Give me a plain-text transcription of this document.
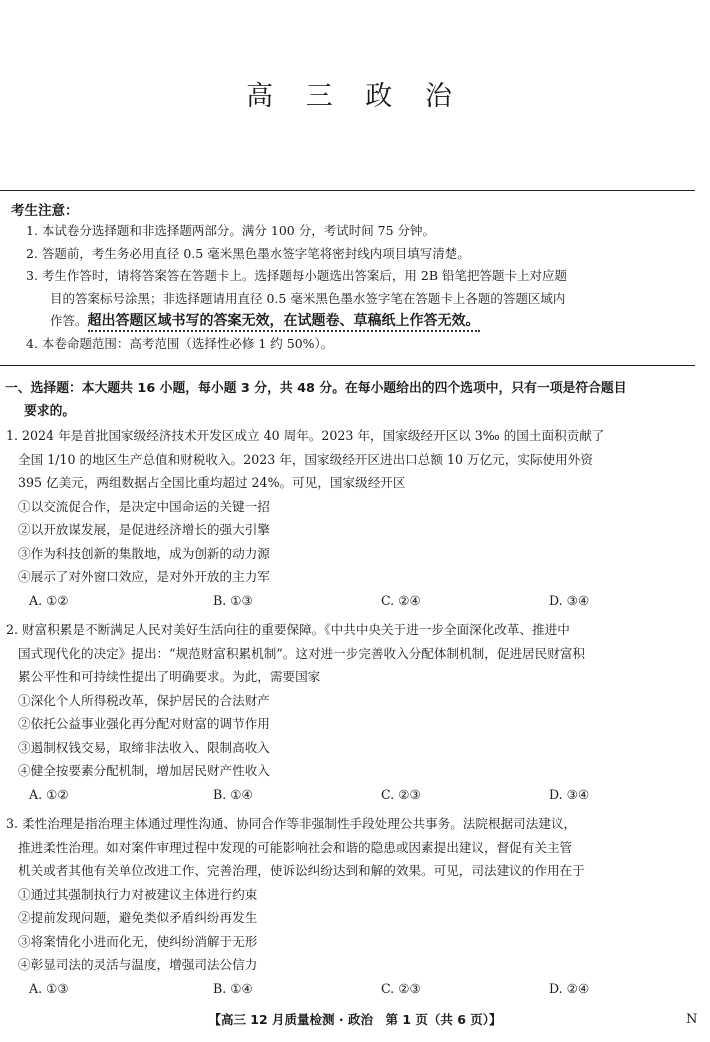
高 三 政 治
考生注意：
1. 本试卷分选择题和非选择题两部分。满分 100 分，考试时间 75 分钟。
2. 答题前，考生务必用直径 0.5 毫米黑色墨水签字笔将密封线内项目填写清楚。
3. 考生作答时，请将答案答在答题卡上。选择题每小题选出答案后，用 2B 铅笔把答题卡上对应题
目的答案标号涂黑；非选择题请用直径 0.5 毫米黑色墨水签字笔在答题卡上各题的答题区域内
作答。超出答题区域书写的答案无效，在试题卷、草稿纸上作答无效。
4. 本卷命题范围：高考范围（选择性必修 1 约 50%）。
一、选择题：本大题共 16 小题，每小题 3 分，共 48 分。在每小题给出的四个选项中，只有一项是符合题目
要求的。
1. 2024 年是首批国家级经济技术开发区成立 40 周年。2023 年，国家级经开区以 3‰ 的国土面积贡献了
全国 1/10 的地区生产总值和财税收入。2023 年，国家级经开区进出口总额 10 万亿元，实际使用外资
395 亿美元，两组数据占全国比重均超过 24%。可见，国家级经开区
①以交流促合作，是决定中国命运的关键一招
②以开放谋发展，是促进经济增长的强大引擎
③作为科技创新的集散地，成为创新的动力源
④展示了对外窗口效应，是对外开放的主力军
A. ①②	B. ①③	C. ②④	D. ③④
2. 财富积累是不断满足人民对美好生活向往的重要保障。《中共中央关于进一步全面深化改革、推进中
国式现代化的决定》提出：“规范财富积累机制”。这对进一步完善收入分配体制机制，促进居民财富积
累公平性和可持续性提出了明确要求。为此，需要国家
①深化个人所得税改革，保护居民的合法财产
②依托公益事业强化再分配对财富的调节作用
③遏制权钱交易，取缔非法收入、限制高收入
④健全按要素分配机制，增加居民财产性收入
A. ①②	B. ①④	C. ②③	D. ③④
3. 柔性治理是指治理主体通过理性沟通、协同合作等非强制性手段处理公共事务。法院根据司法建议，
推进柔性治理。如对案件审理过程中发现的可能影响社会和谐的隐患或因素提出建议，督促有关主管
机关或者其他有关单位改进工作、完善治理，使诉讼纠纷达到和解的效果。可见，司法建议的作用在于
①通过其强制执行力对被建议主体进行约束
②提前发现问题，避免类似矛盾纠纷再发生
③将案情化小进而化无，使纠纷消解于无形
④彰显司法的灵活与温度，增强司法公信力
A. ①③	B. ①④	C. ②③	D. ②④
【高三 12 月质量检测 · 政治　第 1 页（共 6 页）】	N
